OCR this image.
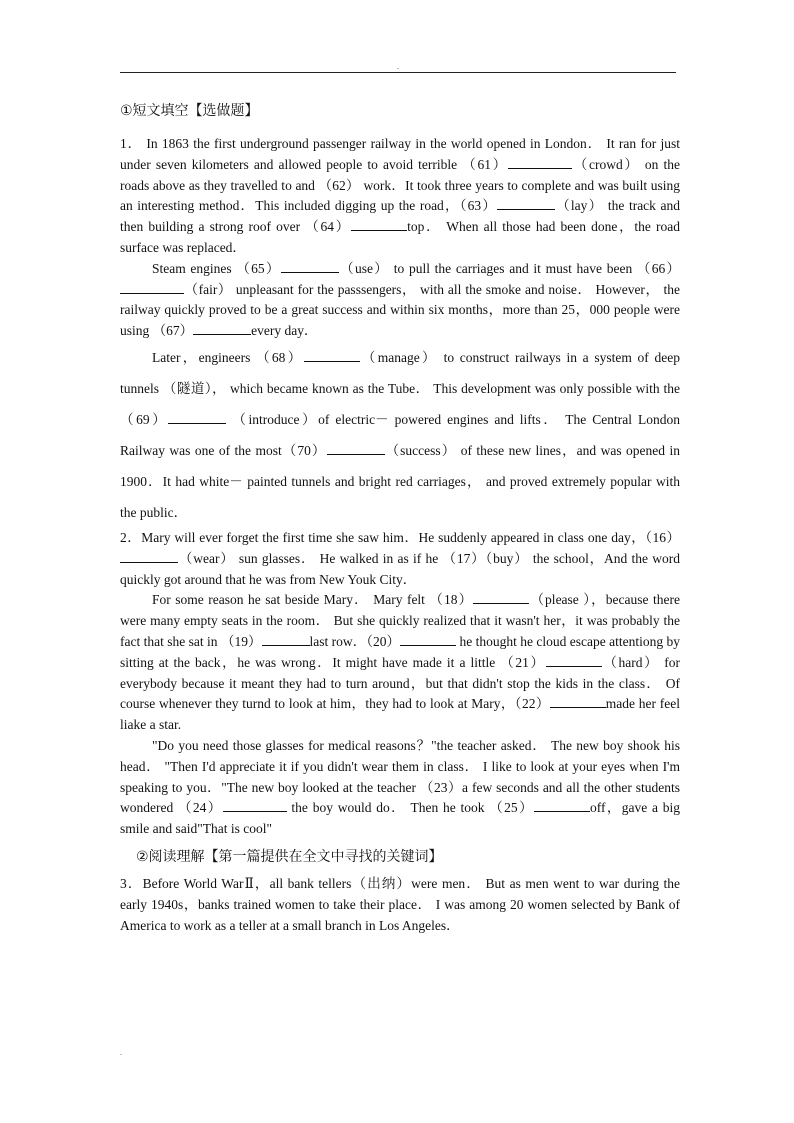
.
①短文填空【选做题】

1． In 1863 the first underground passenger railway in the world opened in London． It ran for just under seven kilometers and allowed people to avoid terrible （61）	（crowd） on the roads above as they travelled to and （62） work．It took three years to complete and was built using an interesting method．This included digging up the road，（63）	（lay） the track and then building a strong roof over （64）	top． When all those had been done，the road surface was replaced．

Steam engines （65）	（use） to pull the carriages and it must have been （66）（fair） unpleasant for the passsengers， with all the smoke and noise． However， the railway quickly proved to be a great success and within six months，more than 25，000 people were using （67）	every day．

Later，engineers （68）	（manage） to construct railways in a system of deep tunnels （隧道）， which became known as the Tube． This development was only possible with the （69）	（introduce）of electric－ powered engines and lifts． The Central London Railway was one of the most（70）	（success） of these new lines，and was opened in 1900．It had white－ painted tunnels and bright red carriages， and proved extremely popular with the public．

2．Mary will ever forget the first time she saw him．He suddenly appeared in class one day，（16）（wear） sun glasses． He walked in as if he （17）（buy） the school，And the word quickly got around that he was from New Youk City．

For some reason he sat beside Mary． Mary felt （18）	（please ），because there were many empty seats in the room． But she quickly realized that it wasn't her，it was probably the fact that she sat in （19）	last row．（20）	he thought he cloud escape attentiong by sitting at the back，he was wrong．It might have made it a little （21）	（hard） for everybody because it meant they had to turn around，but that didn't stop the kids in the class． Of course whenever they turnd to look at him，they had to look at Mary，（22）	made her feel liake a star.

"Do you need those glasses for medical reasons？"the teacher asked． The new boy shook his head． "Then I'd appreciate it if you didn't wear them in class． I like to look at your eyes when I'm speaking to you．"The new boy looked at the teacher （23）a few seconds and all the other students wondered （24）	the boy would do． Then he took （25）	off，gave a big smile and said"That is cool"

②阅读理解【第一篇提供在全文中寻找的关键词】

3．Before World WarⅡ，all bank tellers（出纳）were men． But as men went to war during the early 1940s，banks trained women to take their place． I was among 20 women selected by Bank of America to work as a teller at a small branch in Los Angeles．

.
